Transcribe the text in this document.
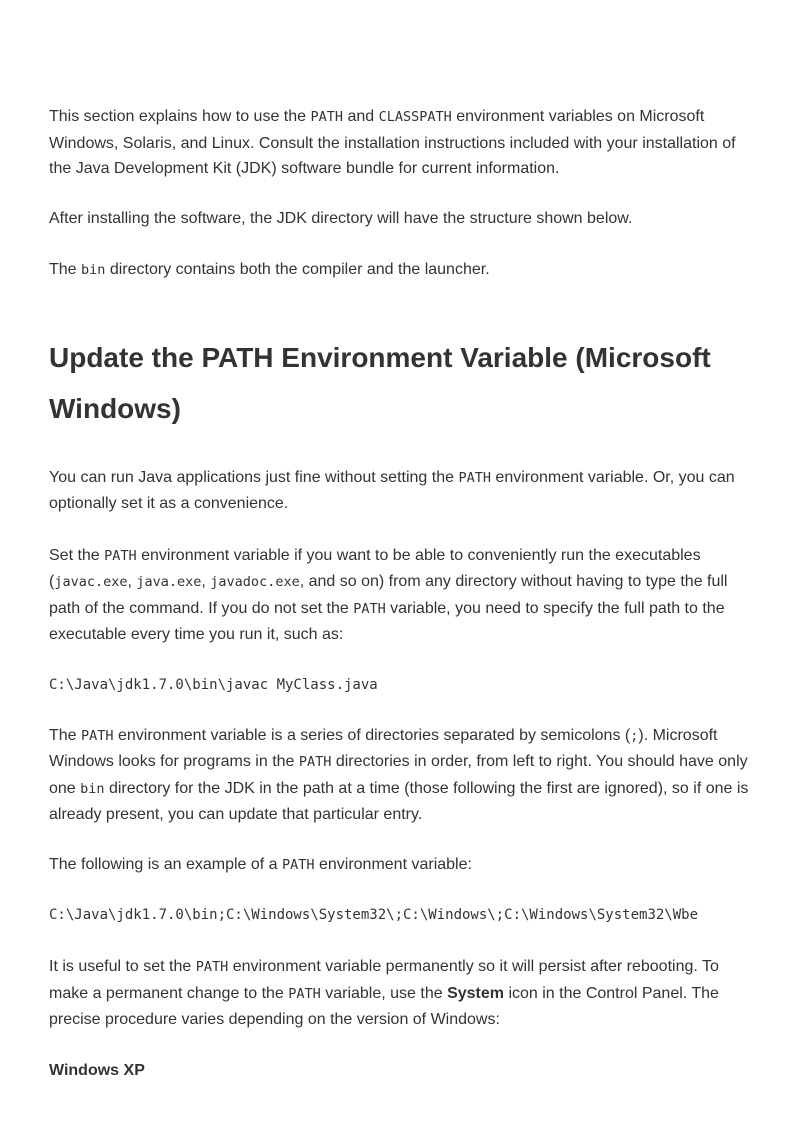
This section explains how to use the PATH and CLASSPATH environment variables on Microsoft Windows, Solaris, and Linux. Consult the installation instructions included with your installation of the Java Development Kit (JDK) software bundle for current information.

After installing the software, the JDK directory will have the structure shown below.

The bin directory contains both the compiler and the launcher.

Update the PATH Environment Variable (Microsoft Windows)

You can run Java applications just fine without setting the PATH environment variable. Or, you can optionally set it as a convenience.

Set the PATH environment variable if you want to be able to conveniently run the executables (javac.exe, java.exe, javadoc.exe, and so on) from any directory without having to type the full path of the command. If you do not set the PATH variable, you need to specify the full path to the executable every time you run it, such as:

C:\Java\jdk1.7.0\bin\javac MyClass.java

The PATH environment variable is a series of directories separated by semicolons (;). Microsoft Windows looks for programs in the PATH directories in order, from left to right. You should have only one bin directory for the JDK in the path at a time (those following the first are ignored), so if one is already present, you can update that particular entry.

The following is an example of a PATH environment variable:

C:\Java\jdk1.7.0\bin;C:\Windows\System32\;C:\Windows\;C:\Windows\System32\Wbe

It is useful to set the PATH environment variable permanently so it will persist after rebooting. To make a permanent change to the PATH variable, use the System icon in the Control Panel. The precise procedure varies depending on the version of Windows:

Windows XP
